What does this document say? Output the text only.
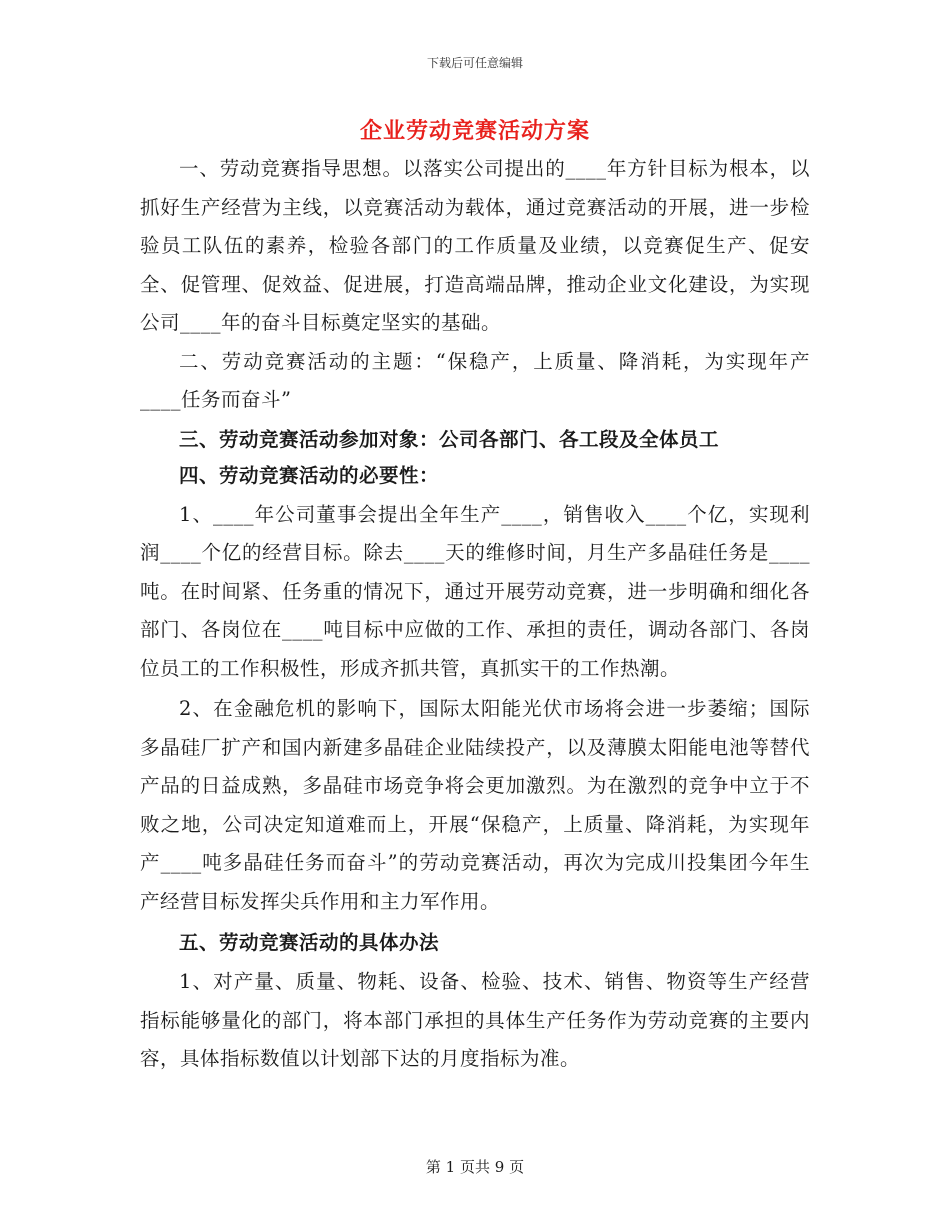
下载后可任意编辑
企业劳动竞赛活动方案

一、劳动竞赛指导思想。以落实公司提出的____年方针目标为根本，以抓好生产经营为主线，以竞赛活动为载体，通过竞赛活动的开展，进一步检验员工队伍的素养，检验各部门的工作质量及业绩，以竞赛促生产、促安全、促管理、促效益、促进展，打造高端品牌，推动企业文化建设，为实现公司____年的奋斗目标奠定坚实的基础。

二、劳动竞赛活动的主题：“保稳产，上质量、降消耗，为实现年产____任务而奋斗”

三、劳动竞赛活动参加对象：公司各部门、各工段及全体员工

四、劳动竞赛活动的必要性：

1、____年公司董事会提出全年生产____，销售收入____个亿，实现利润____个亿的经营目标。除去____天的维修时间，月生产多晶硅任务是____吨。在时间紧、任务重的情况下，通过开展劳动竞赛，进一步明确和细化各部门、各岗位在____吨目标中应做的工作、承担的责任，调动各部门、各岗位员工的工作积极性，形成齐抓共管，真抓实干的工作热潮。

2、在金融危机的影响下，国际太阳能光伏市场将会进一步萎缩；国际多晶硅厂扩产和国内新建多晶硅企业陆续投产，以及薄膜太阳能电池等替代产品的日益成熟，多晶硅市场竞争将会更加激烈。为在激烈的竞争中立于不败之地，公司决定知道难而上，开展“保稳产，上质量、降消耗，为实现年产____吨多晶硅任务而奋斗”的劳动竞赛活动，再次为完成川投集团今年生产经营目标发挥尖兵作用和主力军作用。

五、劳动竞赛活动的具体办法

1、对产量、质量、物耗、设备、检验、技术、销售、物资等生产经营指标能够量化的部门，将本部门承担的具体生产任务作为劳动竞赛的主要内容，具体指标数值以计划部下达的月度指标为准。

第 1 页共 9 页
